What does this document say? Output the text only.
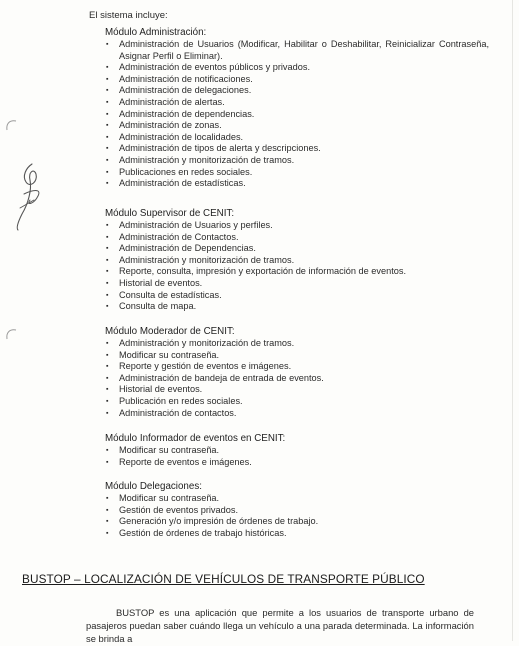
El sistema incluye:
Módulo Administración:
▪ Administración de Usuarios (Modificar, Habilitar o Deshabilitar, Reinicializar Contraseña, Asignar Perfil o Eliminar).
▪ Administración de eventos públicos y privados.
▪ Administración de notificaciones.
▪ Administración de delegaciones.
▪ Administración de alertas.
▪ Administración de dependencias.
▪ Administración de zonas.
▪ Administración de localidades.
▪ Administración de tipos de alerta y descripciones.
▪ Administración y monitorización de tramos.
▪ Publicaciones en redes sociales.
▪ Administración de estadísticas.
Módulo Supervisor de CENIT:
▪ Administración de Usuarios y perfiles.
▪ Administración de Contactos.
▪ Administración de Dependencias.
▪ Administración y monitorización de tramos.
▪ Reporte, consulta, impresión y exportación de información de eventos.
▪ Historial de eventos.
▪ Consulta de estadísticas.
▪ Consulta de mapa.
Módulo Moderador de CENIT:
▪ Administración y monitorización de tramos.
▪ Modificar su contraseña.
▪ Reporte y gestión de eventos e imágenes.
▪ Administración de bandeja de entrada de eventos.
▪ Historial de eventos.
▪ Publicación en redes sociales.
▪ Administración de contactos.
Módulo Informador de eventos en CENIT:
▪ Modificar su contraseña.
▪ Reporte de eventos e imágenes.
Módulo Delegaciones:
▪ Modificar su contraseña.
▪ Gestión de eventos privados.
▪ Generación y/o impresión de órdenes de trabajo.
▪ Gestión de órdenes de trabajo históricas.
BUSTOP – LOCALIZACIÓN DE VEHÍCULOS DE TRANSPORTE PÚBLICO

BUSTOP es una aplicación que permite a los usuarios de transporte urbano de pasajeros puedan saber cuándo llega un vehículo a una parada determinada. La información se brinda a
